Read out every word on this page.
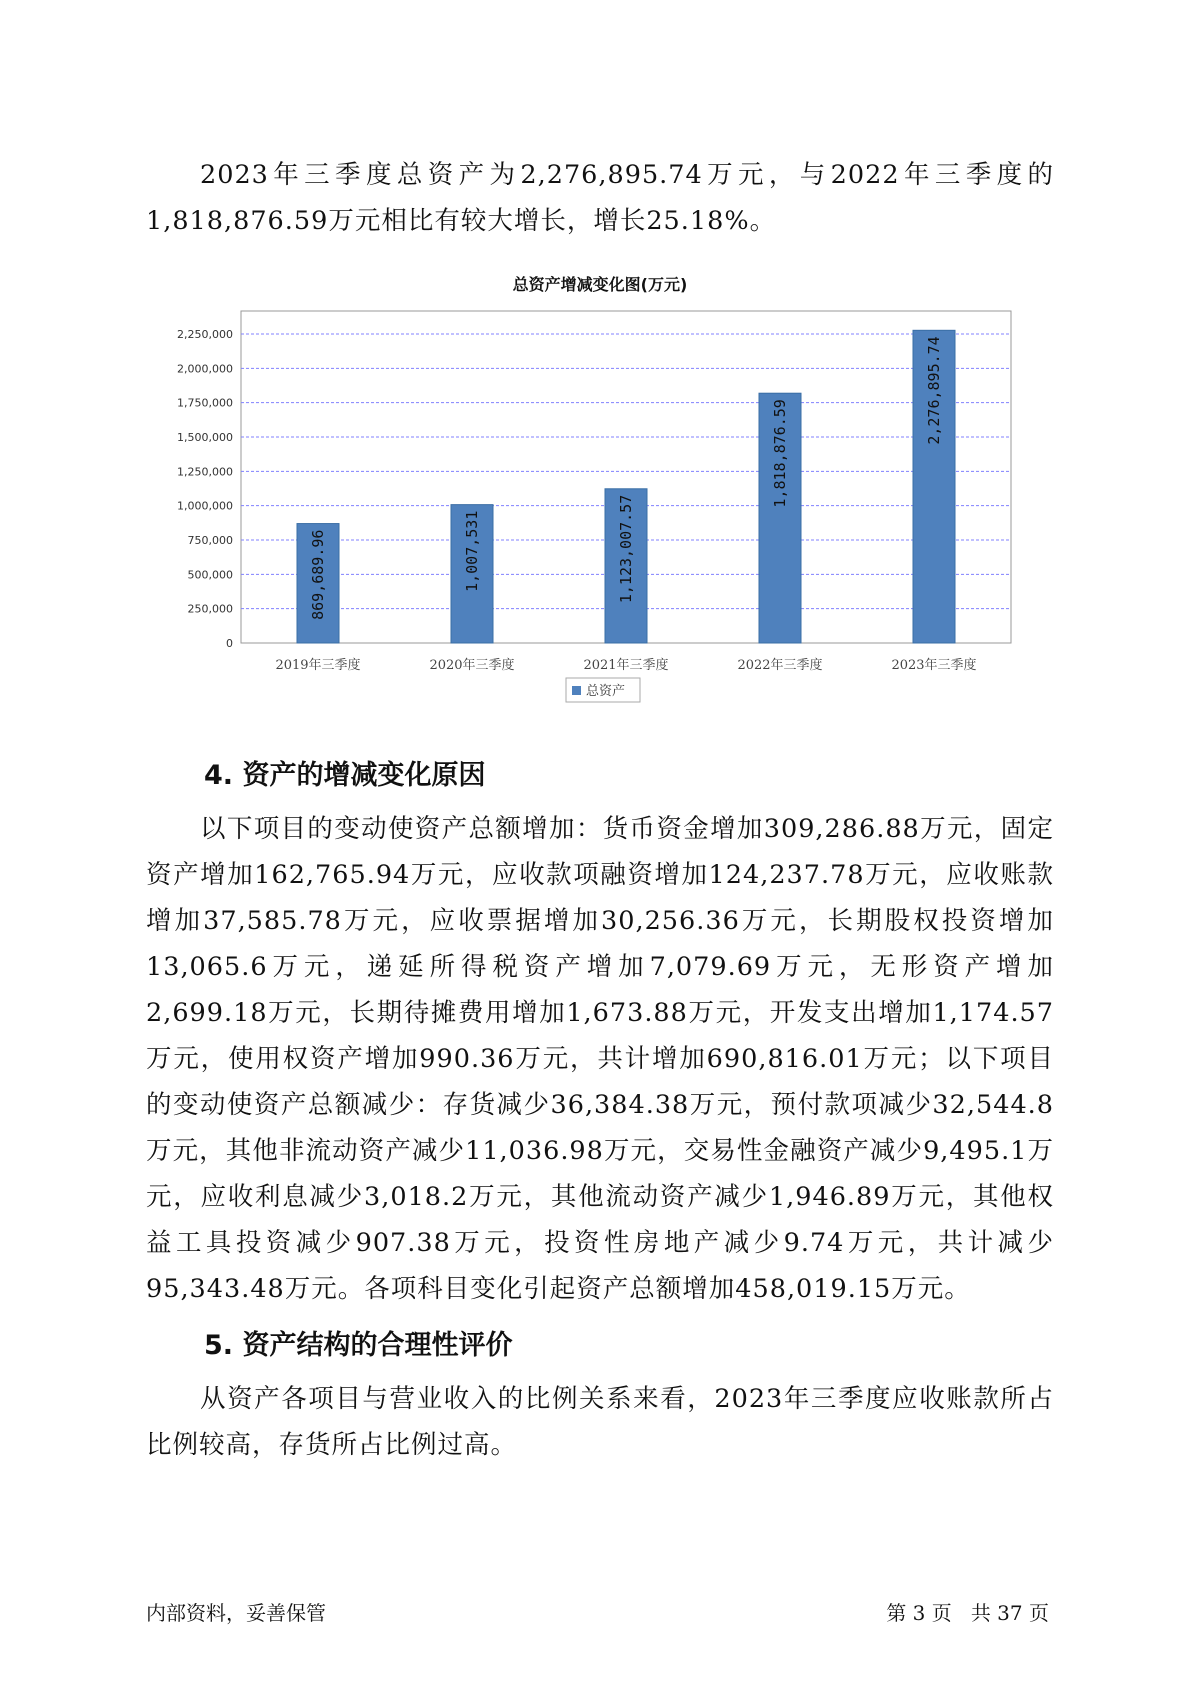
2023年三季度总资产为2,276,895.74万元，与2022年三季度的1,818,876.59万元相比有较大增长，增长25.18%。
总资产增减变化图(万元)
0
250,000
500,000
750,000
1,000,000
1,250,000
1,500,000
1,750,000
2,000,000
2,250,000
869,689.96
2019年三季度
1,007,531
2020年三季度
1,123,007.57
2021年三季度
1,818,876.59
2022年三季度
2,276,895.74
2023年三季度
总资产
4. 资产的增减变化原因
以下项目的变动使资产总额增加：货币资金增加309,286.88万元，固定资产增加162,765.94万元，应收款项融资增加124,237.78万元，应收账款增加37,585.78万元，应收票据增加30,256.36万元，长期股权投资增加13,065.6万元，递延所得税资产增加7,079.69万元，无形资产增加2,699.18万元，长期待摊费用增加1,673.88万元，开发支出增加1,174.57万元，使用权资产增加990.36万元，共计增加690,816.01万元；以下项目的变动使资产总额减少：存货减少36,384.38万元，预付款项减少32,544.8万元，其他非流动资产减少11,036.98万元，交易性金融资产减少9,495.1万元，应收利息减少3,018.2万元，其他流动资产减少1,946.89万元，其他权益工具投资减少907.38万元，投资性房地产减少9.74万元，共计减少95,343.48万元。各项科目变化引起资产总额增加458,019.15万元。
5. 资产结构的合理性评价
从资产各项目与营业收入的比例关系来看，2023年三季度应收账款所占比例较高，存货所占比例过高。
内部资料，妥善保管	第 3 页   共 37 页
